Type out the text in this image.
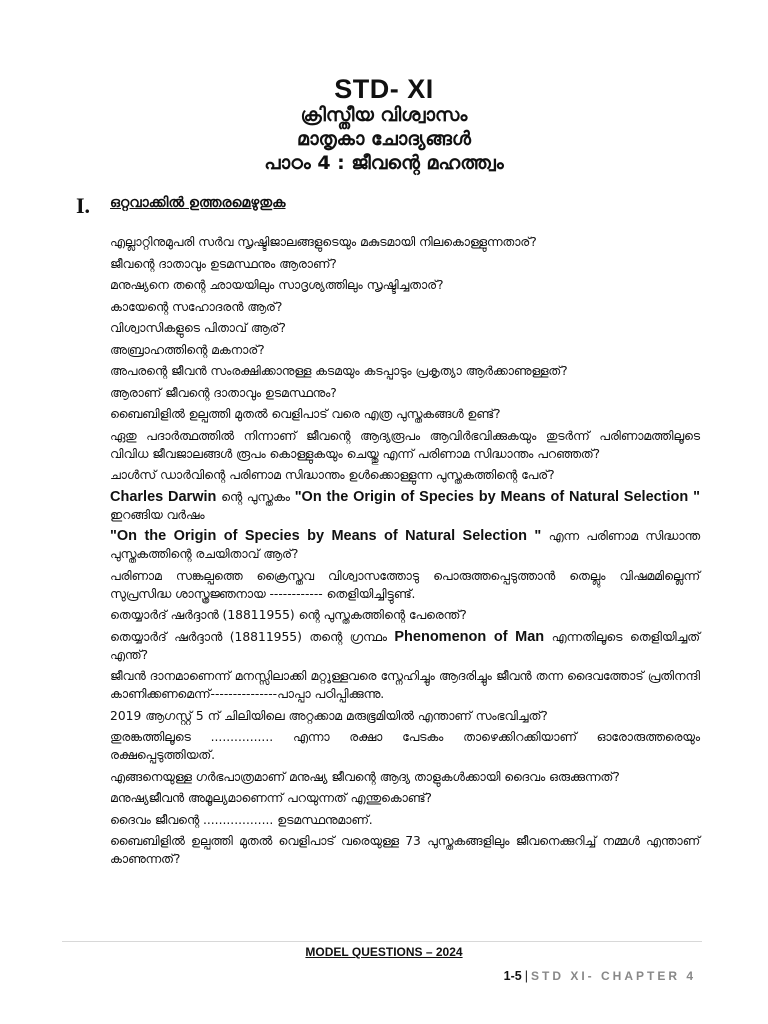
STD- XI
ക്രിസ്തീയ വിശ്വാസം
മാതൃകാ ചോദ്യങ്ങൾ
പാഠം 4 : ജീവന്റെ മഹത്ത്വം
I. ഒറ്റവാക്കിൽ ഉത്തരമെഴുതുക

എല്ലാറ്റിനുമുപരി സർവ സൃഷ്ടിജാലങ്ങളുടെയും മകുടമായി നിലകൊള്ളുന്നതാര്?

ജീവന്റെ ദാതാവും ഉടമസ്ഥനും ആരാണ്?

മനുഷ്യനെ തന്റെ ഛായയിലും സാദൃശ്യത്തിലും സൃഷ്ടിച്ചതാര്?

കായേന്റെ സഹോദരൻ ആര്?

വിശ്വാസികളുടെ പിതാവ് ആര്?

അബ്രാഹത്തിന്റെ മകനാര്?

അപരന്റെ ജീവൻ സംരക്ഷിക്കാനുള്ള കടമയും കടപ്പാടും പ്രകൃത്യാ ആർക്കാണുള്ളത്?

ആരാണ് ജീവന്റെ ദാതാവും ഉടമസ്ഥനും?

ബൈബിളിൽ ഉല്പത്തി മുതൽ വെളിപാട് വരെ എത്ര പുസ്തകങ്ങൾ ഉണ്ട്?

ഏതു പദാർത്ഥത്തിൽ നിന്നാണ് ജീവന്റെ ആദ്യരൂപം ആവിർഭവിക്കുകയും തുടർന്ന് പരിണാമത്തിലൂടെ വിവിധ ജീവജാലങ്ങൾ രൂപം കൊള്ളുകയും ചെയ്തു എന്ന് പരിണാമ സിദ്ധാന്തം പറഞ്ഞത്?

ചാൾസ് ഡാർവിന്റെ പരിണാമ സിദ്ധാന്തം ഉൾക്കൊള്ളുന്ന പുസ്തകത്തിന്റെ പേര്?

Charles Darwin ന്റെ പുസ്തകം "On the Origin of Species by Means of Natural Selection " ഇറങ്ങിയ വർഷം

"On the Origin of Species by Means of Natural Selection " എന്ന പരിണാമ സിദ്ധാന്ത പുസ്തകത്തിന്റെ രചയിതാവ് ആര്?

പരിണാമ സങ്കല്പത്തെ ക്രൈസ്തവ വിശ്വാസത്തോടു പൊരുത്തപ്പെടുത്താൻ തെല്ലും വിഷമമില്ലെന്ന് സുപ്രസിദ്ധ ശാസ്ത്രജ്ഞനായ ------------ തെളിയിച്ചിട്ടുണ്ട്.

തെയ്യാർദ് ഷർദ്ദാൻ (18811955) ന്റെ പുസ്തകത്തിന്റെ പേരെന്ത്?

തെയ്യാർദ് ഷർദ്ദാൻ (18811955) തന്റെ ഗ്രന്ഥം Phenomenon of Man എന്നതിലൂടെ തെളിയിച്ചത് എന്ത്?

ജീവൻ ദാനമാണെന്ന് മനസ്സിലാക്കി മറ്റുള്ളവരെ സ്നേഹിച്ചും ആദരിച്ചും ജീവൻ തന്ന ദൈവത്തോട് പ്രതിനന്ദി കാണിക്കണമെന്ന്---------------പാപ്പാ പഠിപ്പിക്കുന്നു.

2019 ആഗസ്റ്റ് 5 ന് ചിലിയിലെ അറ്റക്കാമ മരുഭൂമിയിൽ എന്താണ് സംഭവിച്ചത്?

തുരങ്കത്തിലൂടെ ................ എന്നാ രക്ഷാ പേടകം താഴെക്കിറക്കിയാണ് ഓരോരുത്തരെയും രക്ഷപ്പെടുത്തിയത്.

എങ്ങനെയുള്ള ഗർഭപാത്രമാണ് മനുഷ്യ ജീവന്റെ ആദ്യ താളുകൾക്കായി ദൈവം ഒരുക്കുന്നത്?

മനുഷ്യജീവൻ അമൂല്യമാണെന്ന് പറയുന്നത് എന്തുകൊണ്ട്?

ദൈവം ജീവന്റെ .................. ഉടമസ്ഥനുമാണ്.

ബൈബിളിൽ ഉല്പത്തി മുതൽ വെളിപാട് വരെയുള്ള 73 പുസ്തകങ്ങളിലും ജീവനെക്കുറിച്ച് നമ്മൾ എന്താണ് കാണുന്നത്?

MODEL QUESTIONS – 2024
1-5 | STD XI- CHAPTER 4
